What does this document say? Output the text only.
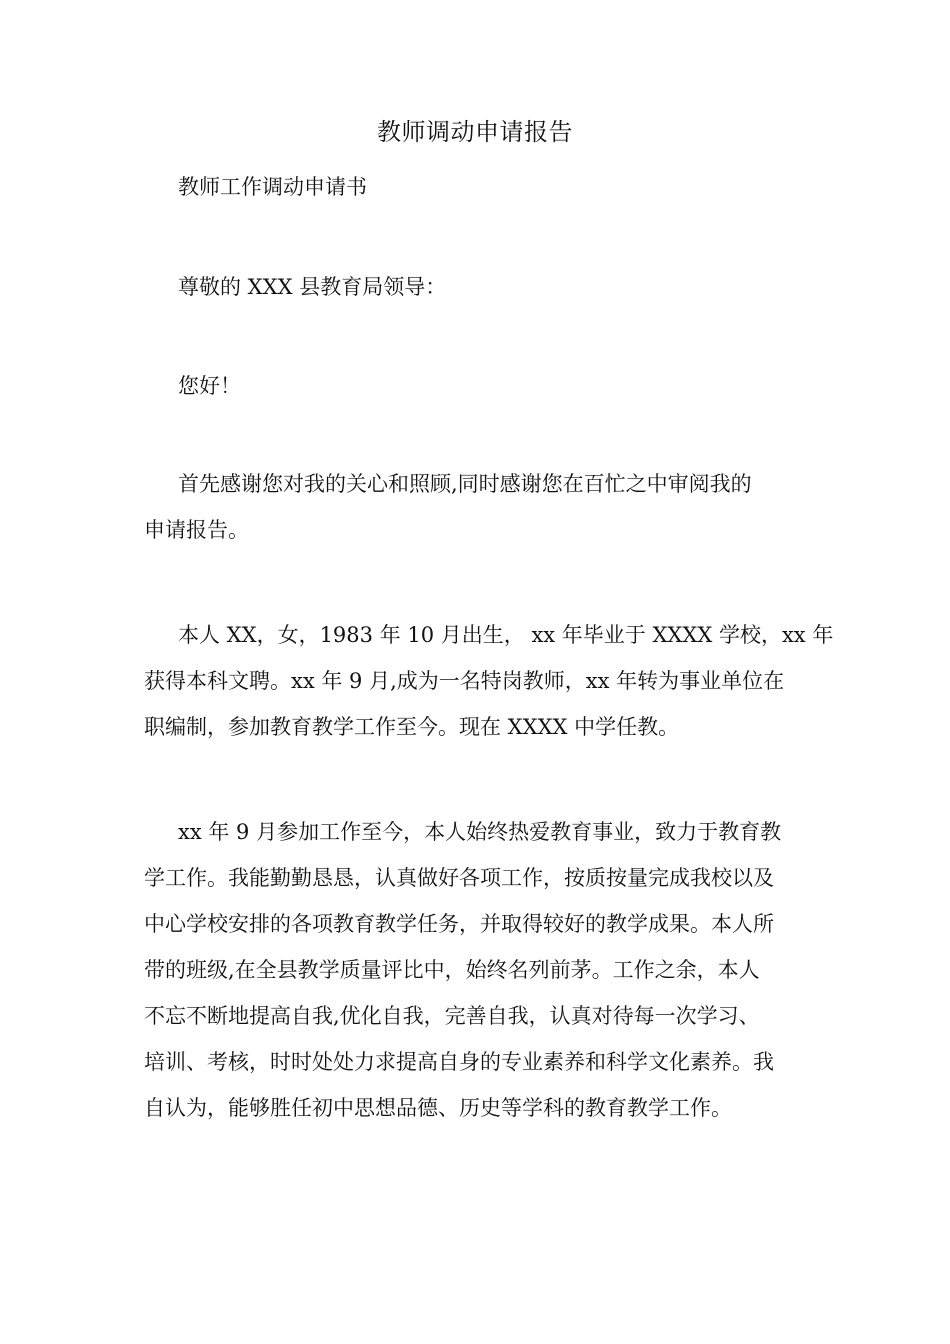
教师调动申请报告
教师工作调动申请书
尊敬的 XXX 县教育局领导：
您好！
首先感谢您对我的关心和照顾,同时感谢您在百忙之中审阅我的
申请报告。
本人 XX，女，1983 年 10 月出生， xx 年毕业于 XXXX 学校，xx 年
获得本科文聘。xx 年 9 月,成为一名特岗教师，xx 年转为事业单位在
职编制，参加教育教学工作至今。现在 XXXX 中学任教。
xx 年 9 月参加工作至今，本人始终热爱教育事业，致力于教育教
学工作。我能勤勤恳恳，认真做好各项工作，按质按量完成我校以及
中心学校安排的各项教育教学任务，并取得较好的教学成果。本人所
带的班级,在全县教学质量评比中，始终名列前茅。工作之余，本人
不忘不断地提高自我,优化自我，完善自我，认真对待每一次学习、
培训、考核，时时处处力求提高自身的专业素养和科学文化素养。我
自认为，能够胜任初中思想品德、历史等学科的教育教学工作。
